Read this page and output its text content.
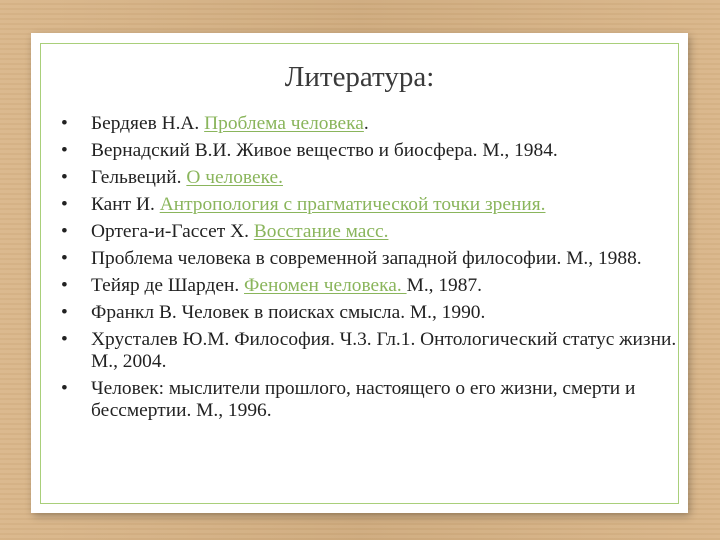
Литература:
•	Бердяев Н.А. Проблема человека.
•	Вернадский В.И. Живое вещество и биосфера. М., 1984.
•	Гельвеций. О человеке.
•	Кант И. Антропология с прагматической точки зрения.
•	Ортега-и-Гассет Х. Восстание масс.
•	Проблема человека в современной западной философии. М., 1988.
•	Тейяр де Шарден. Феномен человека. М., 1987.
•	Франкл В. Человек в поисках смысла. М., 1990.
•	Хрусталев Ю.М. Философия. Ч.3. Гл.1. Онтологический статус жизни. М., 2004.
•	Человек: мыслители прошлого, настоящего о его жизни, смерти и бессмертии. М., 1996.
